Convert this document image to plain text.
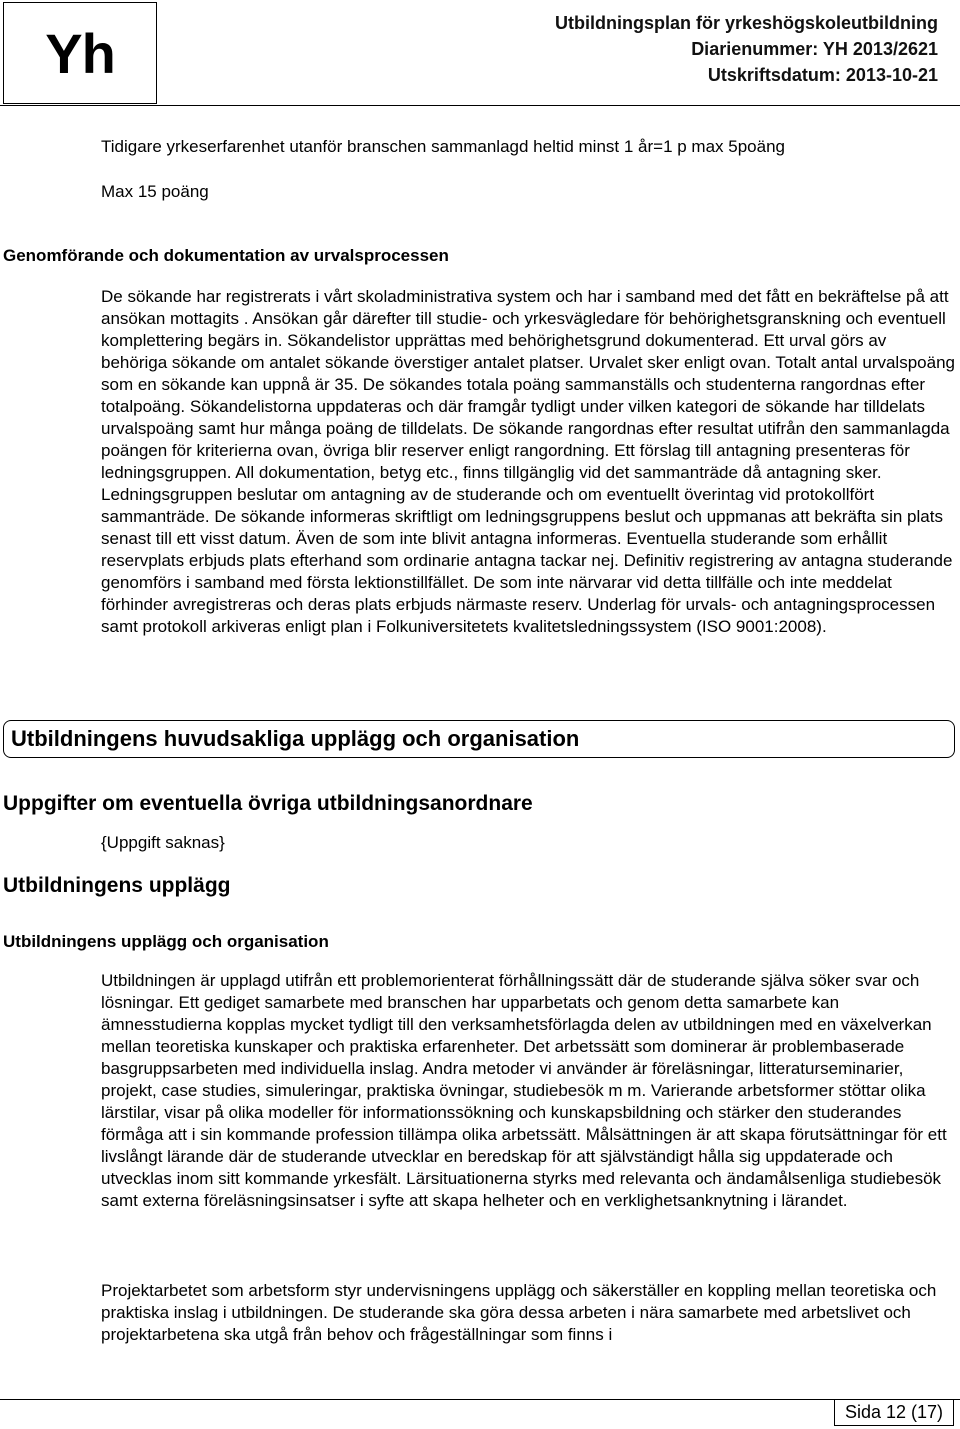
Yh	Utbildningsplan för yrkeshögskoleutbildning
Diarienummer: YH 2013/2621
Utskriftsdatum: 2013-10-21

Tidigare yrkeserfarenhet utanför branschen sammanlagd heltid minst 1 år=1 p max 5poäng

Max 15 poäng

Genomförande och dokumentation av urvalsprocessen

De sökande har registrerats i vårt skoladministrativa system och har i samband med det fått en bekräftelse på att ansökan mottagits . Ansökan går därefter till studie- och yrkesvägledare för behörighetsgranskning och eventuell komplettering begärs in. Sökandelistor upprättas med behörighetsgrund dokumenterad. Ett urval görs av behöriga sökande om antalet sökande överstiger antalet platser. Urvalet sker enligt ovan. Totalt antal urvalspoäng som en sökande kan uppnå är 35. De sökandes totala poäng sammanställs och studenterna rangordnas efter totalpoäng. Sökandelistorna uppdateras och där framgår tydligt under vilken kategori de sökande har tilldelats urvalspoäng samt hur många poäng de tilldelats. De sökande rangordnas efter resultat utifrån den sammanlagda poängen för kriterierna ovan, övriga blir reserver enligt rangordning. Ett förslag till antagning presenteras för ledningsgruppen. All dokumentation, betyg etc., finns tillgänglig vid det sammanträde då antagning sker. Ledningsgruppen beslutar om antagning av de studerande och om eventuellt överintag vid protokollfört sammanträde. De sökande informeras skriftligt om ledningsgruppens beslut och uppmanas att bekräfta sin plats senast till ett visst datum. Även de som inte blivit antagna informeras. Eventuella studerande som erhållit reservplats erbjuds plats efterhand som ordinarie antagna tackar nej. Definitiv registrering av antagna studerande genomförs i samband med första lektionstillfället. De som inte närvarar vid detta tillfälle och inte meddelat förhinder avregistreras och deras plats erbjuds närmaste reserv. Underlag för urvals- och antagningsprocessen samt protokoll arkiveras enligt plan i Folkuniversitetets kvalitetsledningssystem (ISO 9001:2008).

Utbildningens huvudsakliga upplägg och organisation
Uppgifter om eventuella övriga utbildningsanordnare

{Uppgift saknas}

Utbildningens upplägg
Utbildningens upplägg och organisation

Utbildningen är upplagd utifrån ett problemorienterat förhållningssätt där de studerande själva söker svar och lösningar. Ett gediget samarbete med branschen har upparbetats och genom detta samarbete kan ämnesstudierna kopplas mycket tydligt till den verksamhetsförlagda delen av utbildningen med en växelverkan mellan teoretiska kunskaper och praktiska erfarenheter. Det arbetssätt som dominerar är problembaserade basgruppsarbeten med individuella inslag. Andra metoder vi använder är föreläsningar, litteraturseminarier, projekt, case studies, simuleringar, praktiska övningar, studiebesök m m. Varierande arbetsformer stöttar olika lärstilar, visar på olika modeller för informationssökning och kunskapsbildning och stärker den studerandes förmåga att i sin kommande profession tillämpa olika arbetssätt. Målsättningen är att skapa förutsättningar för ett livslångt lärande där de studerande utvecklar en beredskap för att självständigt hålla sig uppdaterade och utvecklas inom sitt kommande yrkesfält. Lärsituationerna styrks med relevanta och ändamålsenliga studiebesök samt externa föreläsningsinsatser i syfte att skapa helheter och en verklighetsanknytning i lärandet.

Projektarbetet som arbetsform styr undervisningens upplägg och säkerställer en koppling mellan teoretiska och praktiska inslag i utbildningen. De studerande ska göra dessa arbeten i nära samarbete med arbetslivet och projektarbetena ska utgå från behov och frågeställningar som finns i

Sida 12 (17)
